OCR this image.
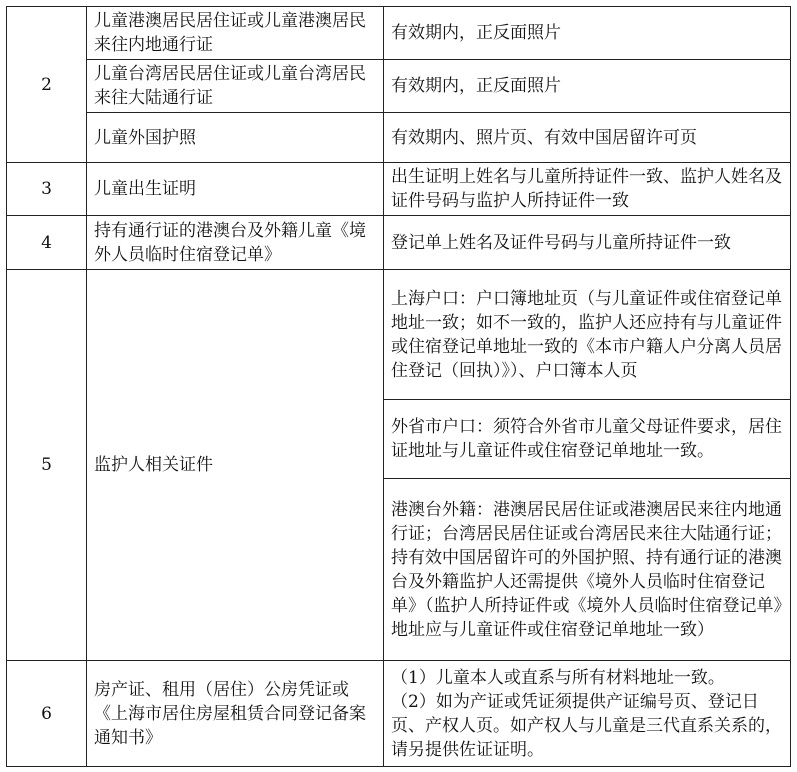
2	儿童港澳居民居住证或儿童港澳居民来往内地通行证	有效期内，正反面照片
	儿童台湾居民居住证或儿童台湾居民来往大陆通行证	有效期内，正反面照片
	儿童外国护照	有效期内、照片页、有效中国居留许可页
3	儿童出生证明	出生证明上姓名与儿童所持证件一致、监护人姓名及证件号码与监护人所持证件一致
4	持有通行证的港澳台及外籍儿童《境外人员临时住宿登记单》	登记单上姓名及证件号码与儿童所持证件一致
5	监护人相关证件	上海户口：户口簿地址页（与儿童证件或住宿登记单地址一致；如不一致的，监护人还应持有与儿童证件或住宿登记单地址一致的《本市户籍人户分离人员居住登记（回执）》）、户口簿本人页
		外省市户口：须符合外省市儿童父母证件要求，居住证地址与儿童证件或住宿登记单地址一致。
		港澳台外籍：港澳居民居住证或港澳居民来往内地通行证；台湾居民居住证或台湾居民来往大陆通行证；持有效中国居留许可的外国护照、持有通行证的港澳台及外籍监护人还需提供《境外人员临时住宿登记单》（监护人所持证件或《境外人员临时住宿登记单》地址应与儿童证件或住宿登记单地址一致）
6	房产证、租用（居住）公房凭证或《上海市居住房屋租赁合同登记备案通知书》	（1）儿童本人或直系与所有材料地址一致。
（2）如为产证或凭证须提供产证编号页、登记日页、产权人页。如产权人与儿童是三代直系关系的，请另提供佐证证明。
